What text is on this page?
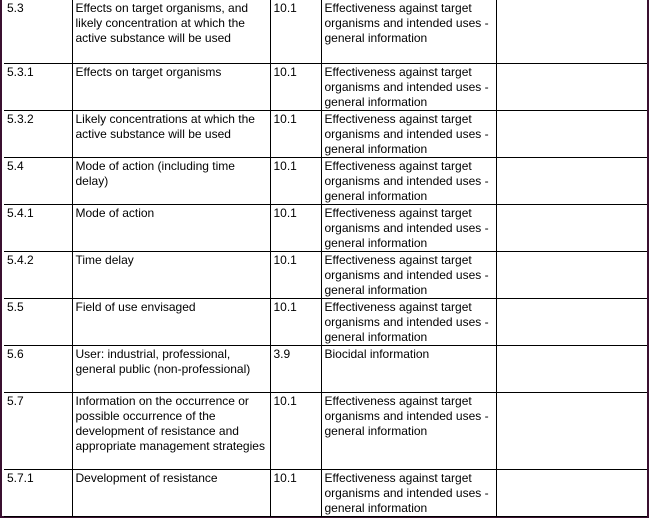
5.3	Effects on target organisms, and likely concentration at which the active substance will be used	10.1	Effectiveness against target organisms and intended uses - general information	
5.3.1	Effects on target organisms	10.1	Effectiveness against target organisms and intended uses - general information	
5.3.2	Likely concentrations at which the active substance will be used	10.1	Effectiveness against target organisms and intended uses - general information	
5.4	Mode of action (including time delay)	10.1	Effectiveness against target organisms and intended uses - general information	
5.4.1	Mode of action	10.1	Effectiveness against target organisms and intended uses - general information	
5.4.2	Time delay	10.1	Effectiveness against target organisms and intended uses - general information	
5.5	Field of use envisaged	10.1	Effectiveness against target organisms and intended uses - general information	
5.6	User: industrial, professional, general public (non-professional)	3.9	Biocidal information	
5.7	Information on the occurrence or possible occurrence of the development of resistance and appropriate management strategies	10.1	Effectiveness against target organisms and intended uses - general information	
5.7.1	Development of resistance	10.1	Effectiveness against target organisms and intended uses - general information	
